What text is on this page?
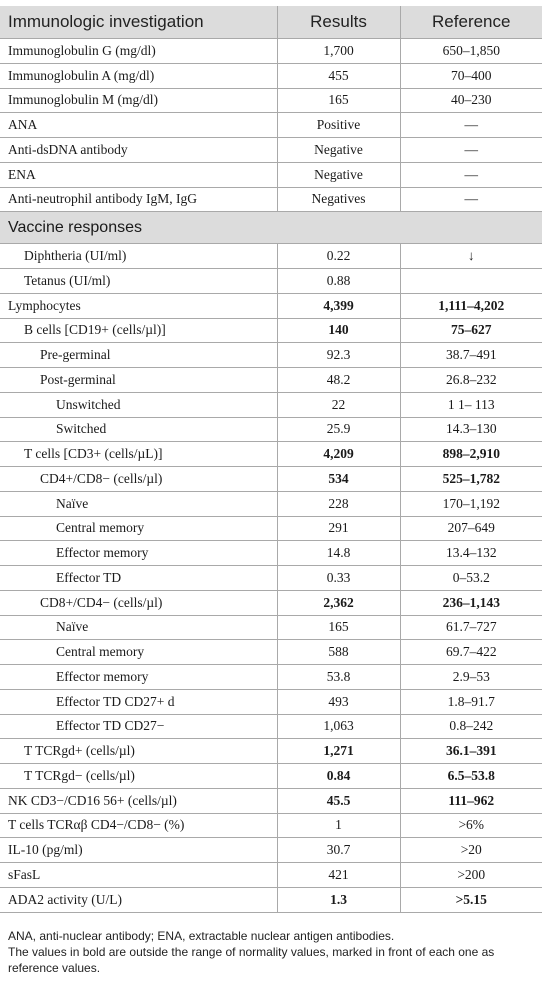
Immunologic investigation	Results	Reference
Immunoglobulin G (mg/dl)	1,700	650–1,850
Immunoglobulin A (mg/dl)	455	70–400
Immunoglobulin M (mg/dl)	165	40–230
ANA	Positive	—
Anti-dsDNA antibody	Negative	—
ENA	Negative	—
Anti-neutrophil antibody IgM, IgG	Negatives	—
Vaccine responses		
Diphtheria (UI/ml)	0.22	↓
Tetanus (UI/ml)	0.88	
Lymphocytes	4,399	1,111–4,202
B cells [CD19+ (cells/µl)]	140	75–627
Pre-germinal	92.3	38.7–491
Post-germinal	48.2	26.8–232
Unswitched	22	1 1– 113
Switched	25.9	14.3–130
T cells [CD3+ (cells/µL)]	4,209	898–2,910
CD4+/CD8− (cells/µl)	534	525–1,782
Naïve	228	170–1,192
Central memory	291	207–649
Effector memory	14.8	13.4–132
Effector TD	0.33	0–53.2
CD8+/CD4− (cells/µl)	2,362	236–1,143
Naïve	165	61.7–727
Central memory	588	69.7–422
Effector memory	53.8	2.9–53
Effector TD CD27+ d	493	1.8–91.7
Effector TD CD27−	1,063	0.8–242
T TCRgd+ (cells/µl)	1,271	36.1–391
T TCRgd− (cells/µl)	0.84	6.5–53.8
NK CD3−/CD16 56+ (cells/µl)	45.5	111–962
T cells TCRαβ CD4−/CD8− (%)	1	>6%
IL-10 (pg/ml)	30.7	>20
sFasL	421	>200
ADA2 activity (U/L)	1.3	>5.15

ANA, anti-nuclear antibody; ENA, extractable nuclear antigen antibodies.

The values in bold are outside the range of normality values, marked in front of each one as reference values.
